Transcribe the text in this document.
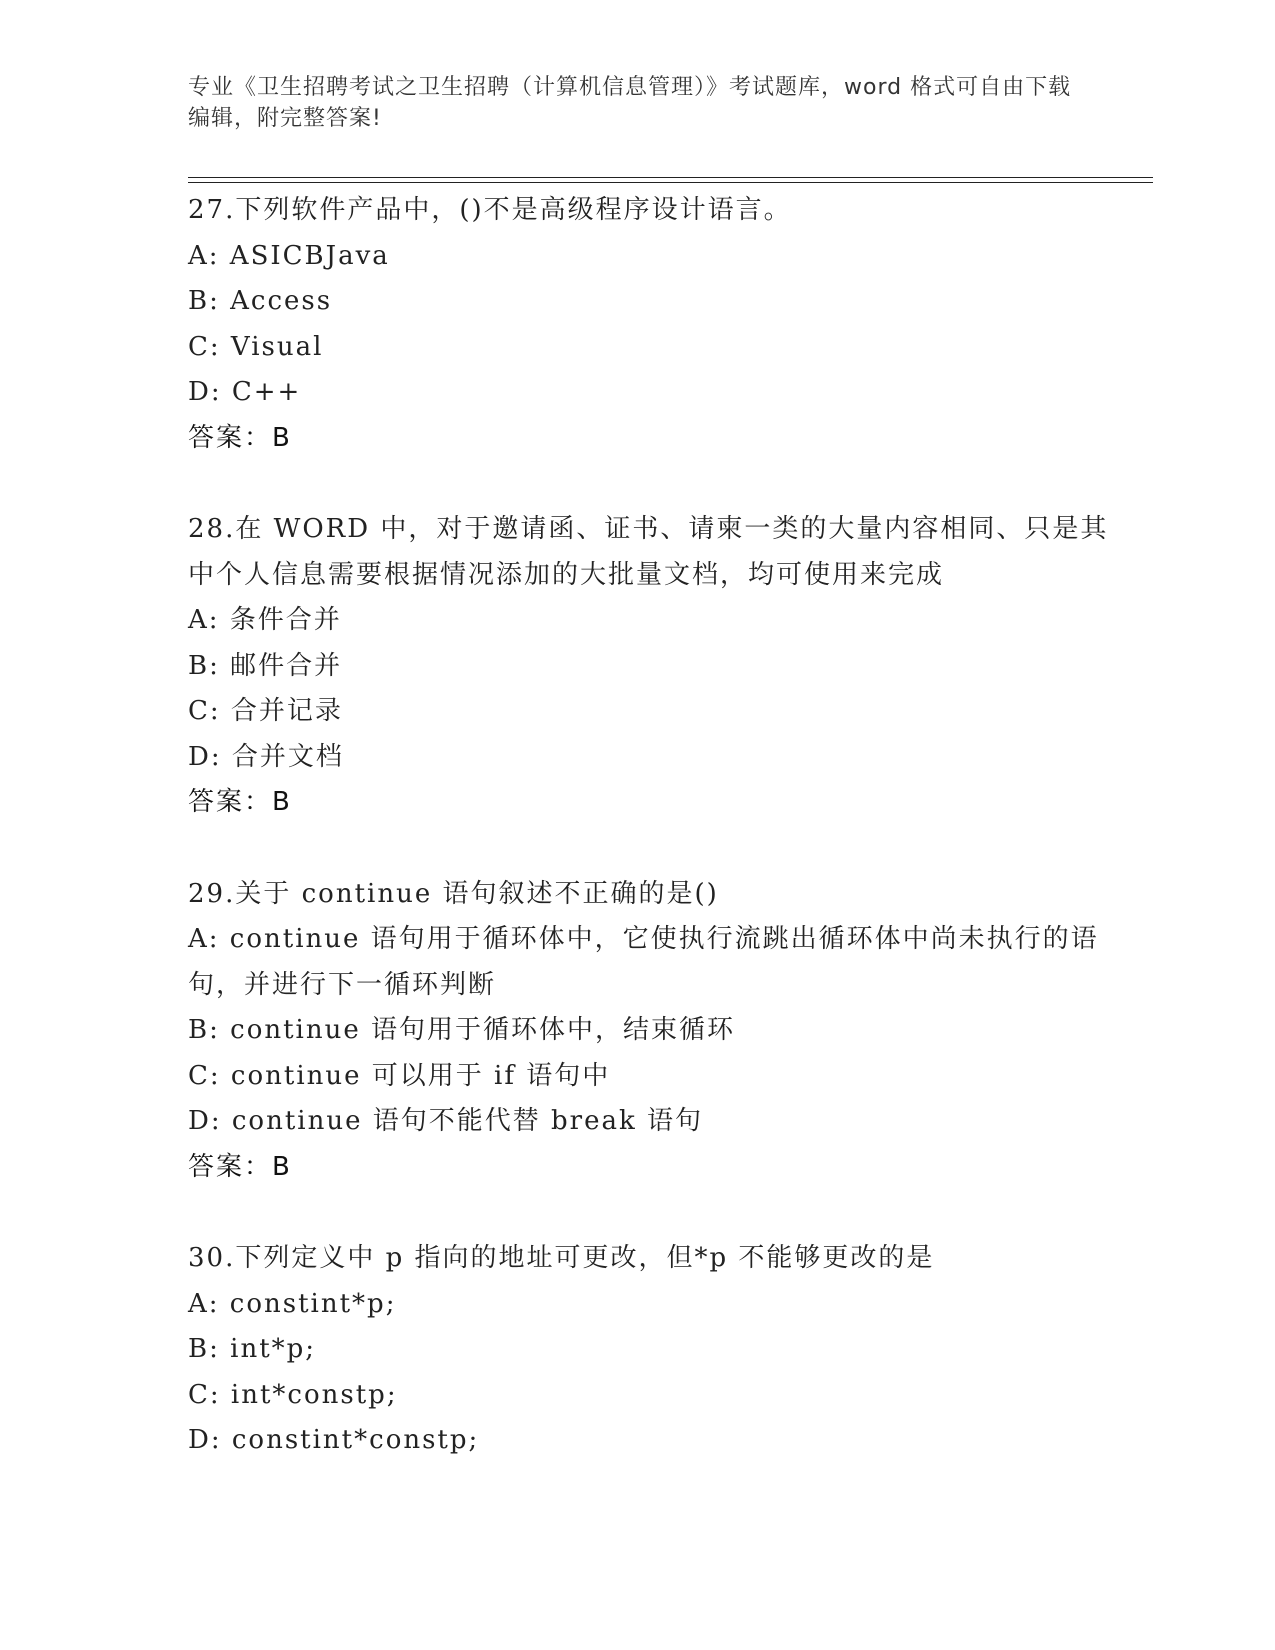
专业《卫生招聘考试之卫生招聘（计算机信息管理）》考试题库，word 格式可自由下载编辑，附完整答案!
27.下列软件产品中，()不是高级程序设计语言。
A: ASICBJava
B: Access
C: Visual
D: C++
答案：B
28.在 WORD 中，对于邀请函、证书、请柬一类的大量内容相同、只是其中个人信息需要根据情况添加的大批量文档，均可使用来完成
A: 条件合并
B: 邮件合并
C: 合并记录
D: 合并文档
答案：B
29.关于 continue 语句叙述不正确的是()
A: continue 语句用于循环体中，它使执行流跳出循环体中尚未执行的语句，并进行下一循环判断
B: continue 语句用于循环体中，结束循环
C: continue 可以用于 if 语句中
D: continue 语句不能代替 break 语句
答案：B
30.下列定义中 p 指向的地址可更改，但*p 不能够更改的是
A: constint*p;
B: int*p;
C: int*constp;
D: constint*constp;
